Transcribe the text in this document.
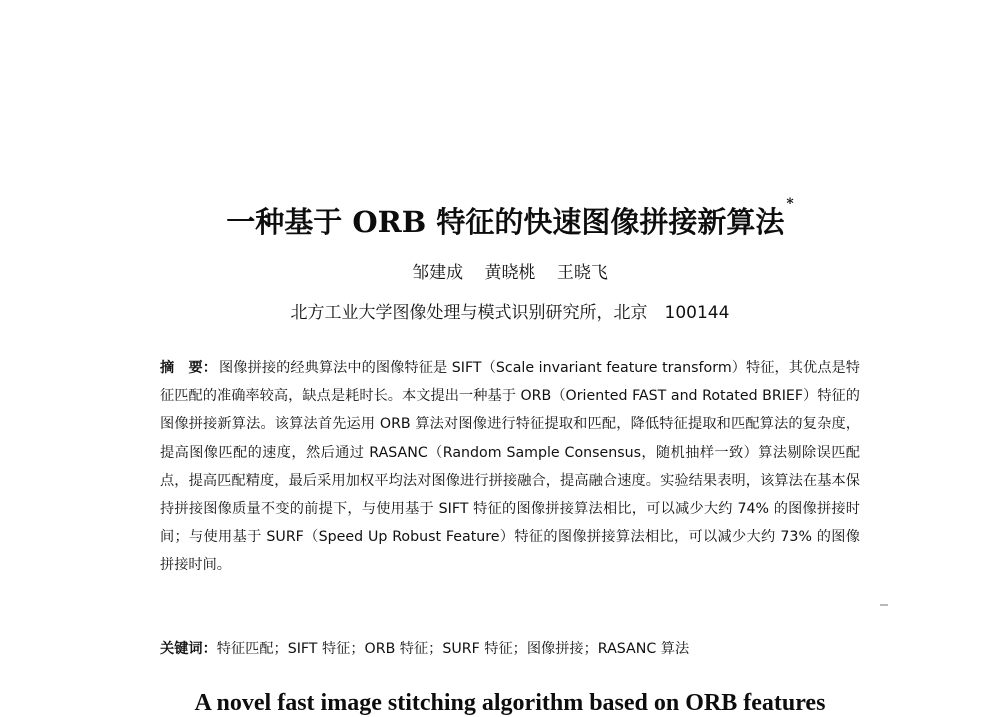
一种基于 ORB 特征的快速图像拼接新算法*
邹建成 黄晓桃 王晓飞
北方工业大学图像处理与模式识别研究所，北京　100144
摘　要： 图像拼接的经典算法中的图像特征是 SIFT（Scale invariant feature transform）特征，其优点是特征匹配的准确率较高，缺点是耗时长。本文提出一种基于 ORB（Oriented FAST and Rotated BRIEF）特征的图像拼接新算法。该算法首先运用 ORB 算法对图像进行特征提取和匹配，降低特征提取和匹配算法的复杂度，提高图像匹配的速度，然后通过 RASANC（Random Sample Consensus，随机抽样一致）算法剔除误匹配点，提高匹配精度，最后采用加权平均法对图像进行拼接融合，提高融合速度。实验结果表明，该算法在基本保持拼接图像质量不变的前提下，与使用基于 SIFT 特征的图像拼接算法相比，可以减少大约 74% 的图像拼接时间；与使用基于 SURF（Speed Up Robust Feature）特征的图像拼接算法相比，可以减少大约 73% 的图像拼接时间。
关键词：特征匹配；SIFT 特征；ORB 特征；SURF 特征；图像拼接；RASANC 算法
A novel fast image stitching algorithm based on ORB features
